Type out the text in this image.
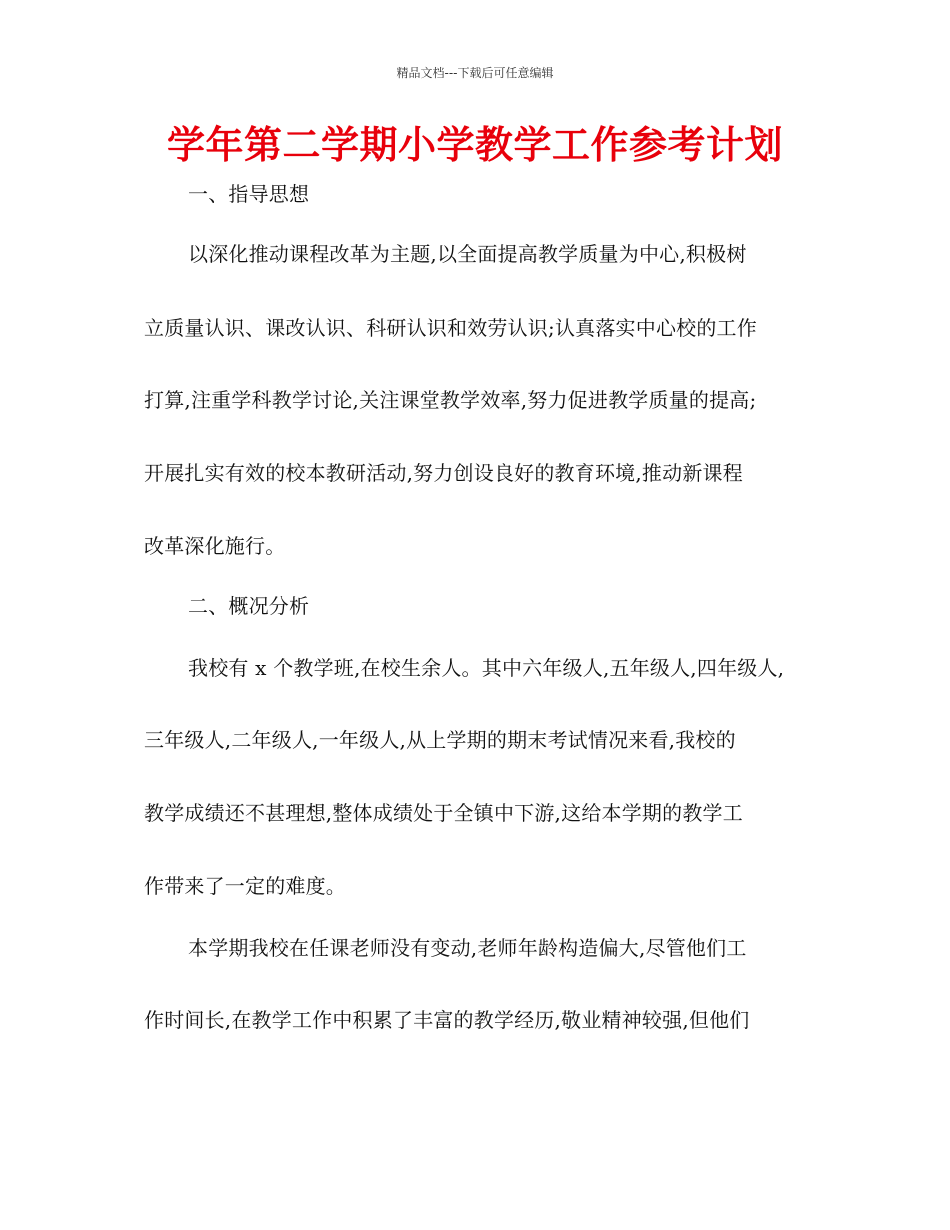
精品文档---下载后可任意编辑
学年第二学期小学教学工作参考计划
一、指导思想
以深化推动课程改革为主题,以全面提高教学质量为中心,积极树
立质量认识、课改认识、科研认识和效劳认识;认真落实中心校的工作
打算,注重学科教学讨论,关注课堂教学效率,努力促进教学质量的提高;
开展扎实有效的校本教研活动,努力创设良好的教育环境,推动新课程
改革深化施行。
二、概况分析
我校有 x 个教学班,在校生余人。其中六年级人,五年级人,四年级人,
三年级人,二年级人,一年级人,从上学期的期末考试情况来看,我校的
教学成绩还不甚理想,整体成绩处于全镇中下游,这给本学期的教学工
作带来了一定的难度。
本学期我校在任课老师没有变动,老师年龄构造偏大,尽管他们工
作时间长,在教学工作中积累了丰富的教学经历,敬业精神较强,但他们
